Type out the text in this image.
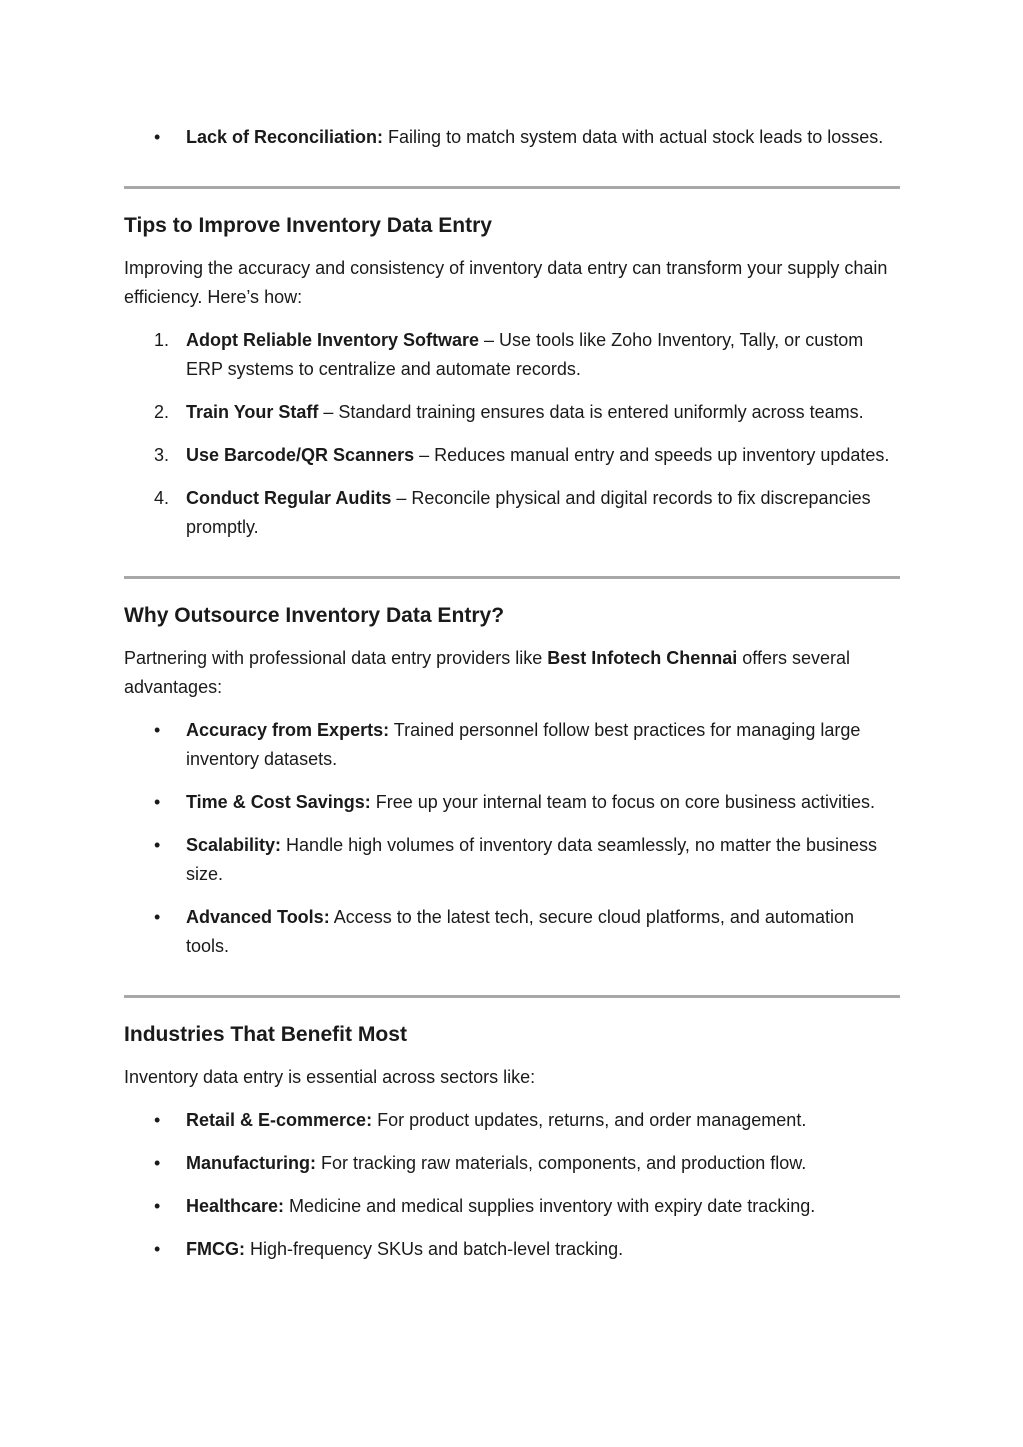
• Lack of Reconciliation: Failing to match system data with actual stock leads to losses.
Tips to Improve Inventory Data Entry

Improving the accuracy and consistency of inventory data entry can transform your supply chain efficiency. Here’s how:

1. Adopt Reliable Inventory Software – Use tools like Zoho Inventory, Tally, or custom ERP systems to centralize and automate records.
2. Train Your Staff – Standard training ensures data is entered uniformly across teams.
3. Use Barcode/QR Scanners – Reduces manual entry and speeds up inventory updates.
4. Conduct Regular Audits – Reconcile physical and digital records to fix discrepancies promptly.
Why Outsource Inventory Data Entry?

Partnering with professional data entry providers like Best Infotech Chennai offers several advantages:

• Accuracy from Experts: Trained personnel follow best practices for managing large inventory datasets.
• Time & Cost Savings: Free up your internal team to focus on core business activities.
• Scalability: Handle high volumes of inventory data seamlessly, no matter the business size.
• Advanced Tools: Access to the latest tech, secure cloud platforms, and automation tools.
Industries That Benefit Most

Inventory data entry is essential across sectors like:

• Retail & E-commerce: For product updates, returns, and order management.
• Manufacturing: For tracking raw materials, components, and production flow.
• Healthcare: Medicine and medical supplies inventory with expiry date tracking.
• FMCG: High-frequency SKUs and batch-level tracking.
